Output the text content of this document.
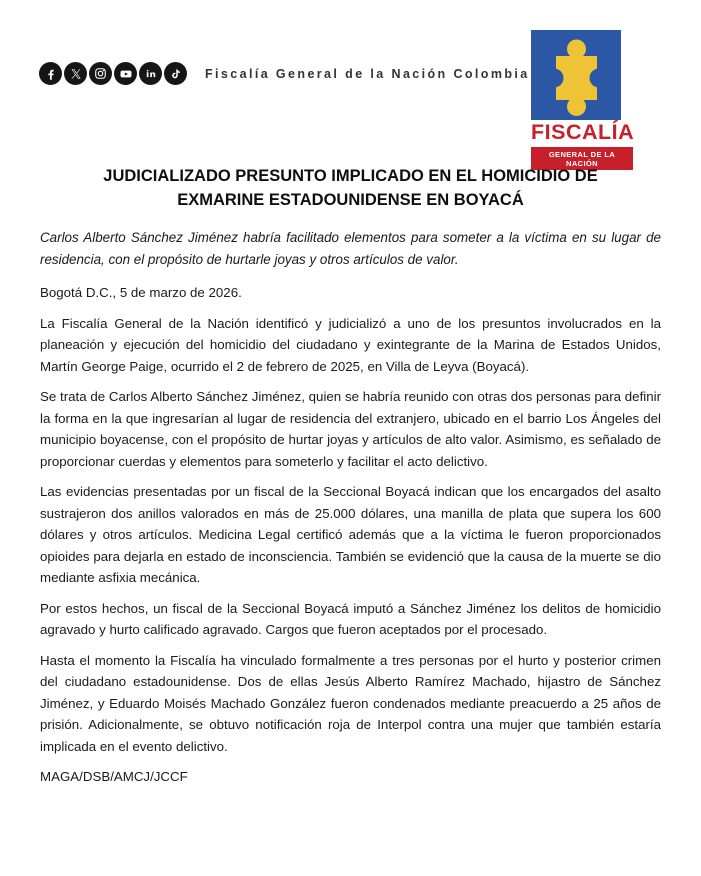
Fiscalía General de la Nación Colombia
FISCALÍA
GENERAL DE LA NACIÓN
JUDICIALIZADO PRESUNTO IMPLICADO EN EL HOMICIDIO DE
EXMARINE ESTADOUNIDENSE EN BOYACÁ

Carlos Alberto Sánchez Jiménez habría facilitado elementos para someter a la víctima en su lugar de residencia, con el propósito de hurtarle joyas y otros artículos de valor.

Bogotá D.C., 5 de marzo de 2026.

La Fiscalía General de la Nación identificó y judicializó a uno de los presuntos involucrados en la planeación y ejecución del homicidio del ciudadano y exintegrante de la Marina de Estados Unidos, Martín George Paige, ocurrido el 2 de febrero de 2025, en Villa de Leyva (Boyacá).

Se trata de Carlos Alberto Sánchez Jiménez, quien se habría reunido con otras dos personas para definir la forma en la que ingresarían al lugar de residencia del extranjero, ubicado en el barrio Los Ángeles del municipio boyacense, con el propósito de hurtar joyas y artículos de alto valor. Asimismo, es señalado de proporcionar cuerdas y elementos para someterlo y facilitar el acto delictivo.

Las evidencias presentadas por un fiscal de la Seccional Boyacá indican que los encargados del asalto sustrajeron dos anillos valorados en más de 25.000 dólares, una manilla de plata que supera los 600 dólares y otros artículos. Medicina Legal certificó además que a la víctima le fueron proporcionados opioides para dejarla en estado de inconsciencia. También se evidenció que la causa de la muerte se dio mediante asfixia mecánica.

Por estos hechos, un fiscal de la Seccional Boyacá imputó a Sánchez Jiménez los delitos de homicidio agravado y hurto calificado agravado. Cargos que fueron aceptados por el procesado.

Hasta el momento la Fiscalía ha vinculado formalmente a tres personas por el hurto y posterior crimen del ciudadano estadounidense. Dos de ellas Jesús Alberto Ramírez Machado, hijastro de Sánchez Jiménez, y Eduardo Moisés Machado González fueron condenados mediante preacuerdo a 25 años de prisión. Adicionalmente, se obtuvo notificación roja de Interpol contra una mujer que también estaría implicada en el evento delictivo.

MAGA/DSB/AMCJ/JCCF
